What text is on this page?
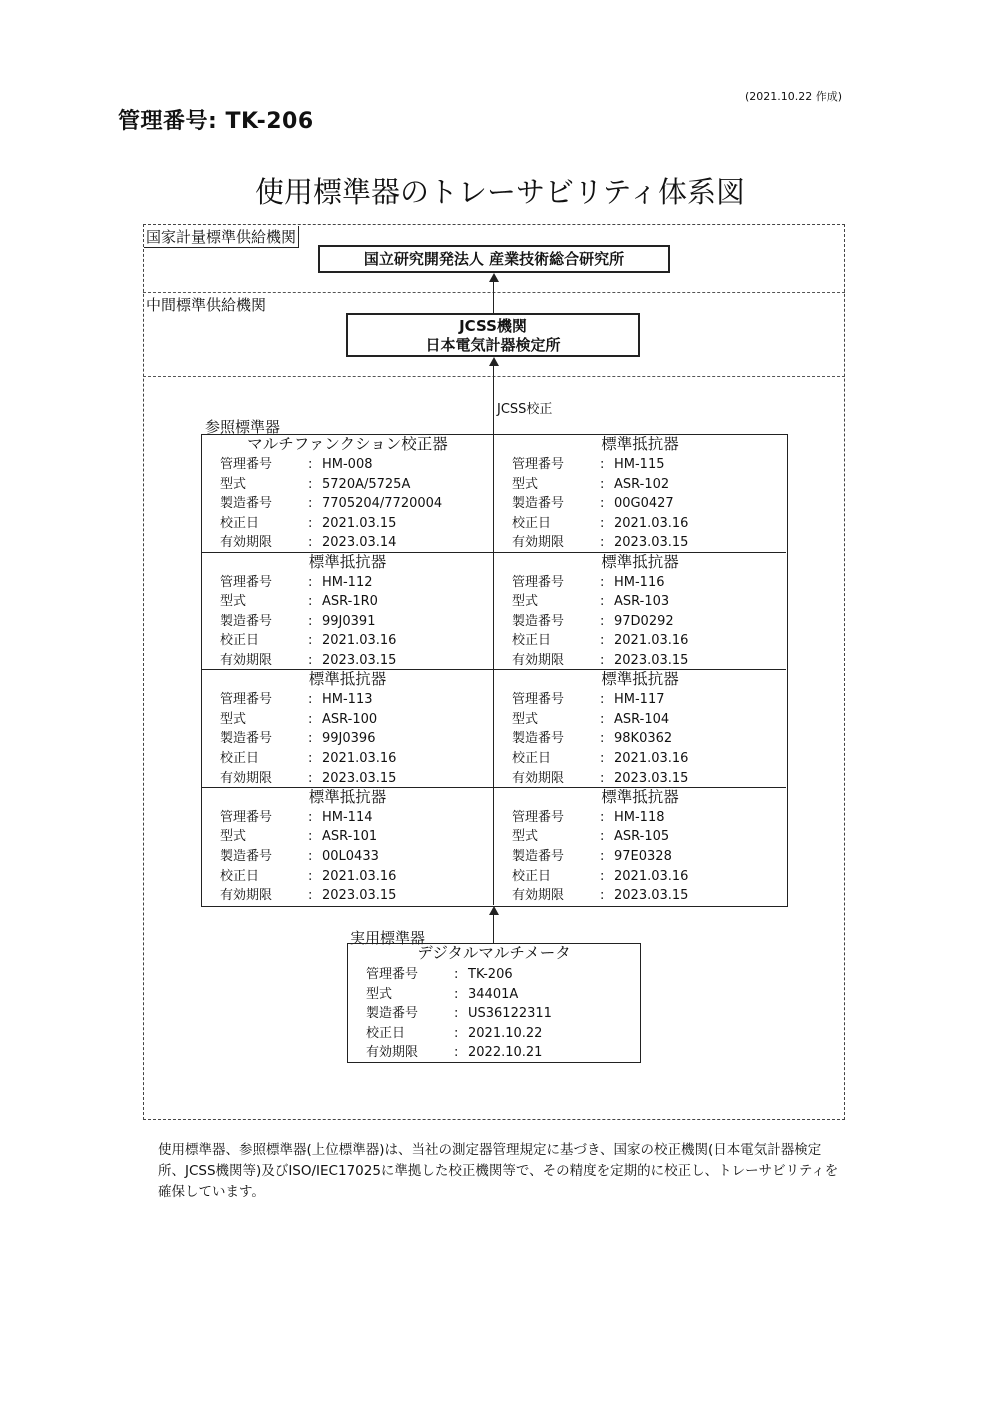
(2021.10.22 作成)
管理番号: TK-206
使用標準器のトレーサビリティ体系図
国家計量標準供給機関
国立研究開発法人 産業技術総合研究所
中間標準供給機関
JCSS機関
日本電気計器検定所
JCSS校正
参照標準器
マルチファンクション校正器
管理番号	: HM-008
型式	: 5720A/5725A
製造番号	: 7705204/7720004
校正日	: 2021.03.15
有効期限	: 2023.03.14
標準抵抗器
管理番号	: HM-115
型式	: ASR-102
製造番号	: 00G0427
校正日	: 2021.03.16
有効期限	: 2023.03.15
標準抵抗器
管理番号	: HM-112
型式	: ASR-1R0
製造番号	: 99J0391
校正日	: 2021.03.16
有効期限	: 2023.03.15
標準抵抗器
管理番号	: HM-116
型式	: ASR-103
製造番号	: 97D0292
校正日	: 2021.03.16
有効期限	: 2023.03.15
標準抵抗器
管理番号	: HM-113
型式	: ASR-100
製造番号	: 99J0396
校正日	: 2021.03.16
有効期限	: 2023.03.15
標準抵抗器
管理番号	: HM-117
型式	: ASR-104
製造番号	: 98K0362
校正日	: 2021.03.16
有効期限	: 2023.03.15
標準抵抗器
管理番号	: HM-114
型式	: ASR-101
製造番号	: 00L0433
校正日	: 2021.03.16
有効期限	: 2023.03.15
標準抵抗器
管理番号	: HM-118
型式	: ASR-105
製造番号	: 97E0328
校正日	: 2021.03.16
有効期限	: 2023.03.15
実用標準器
デジタルマルチメータ
管理番号	: TK-206
型式	: 34401A
製造番号	: US36122311
校正日	: 2021.10.22
有効期限	: 2022.10.21
使用標準器、参照標準器(上位標準器)は、当社の測定器管理規定に基づき、国家の校正機関(日本電気計器検定所、JCSS機関等)及びISO/IEC17025に準拠した校正機関等で、その精度を定期的に校正し、トレーサビリティを確保しています。
